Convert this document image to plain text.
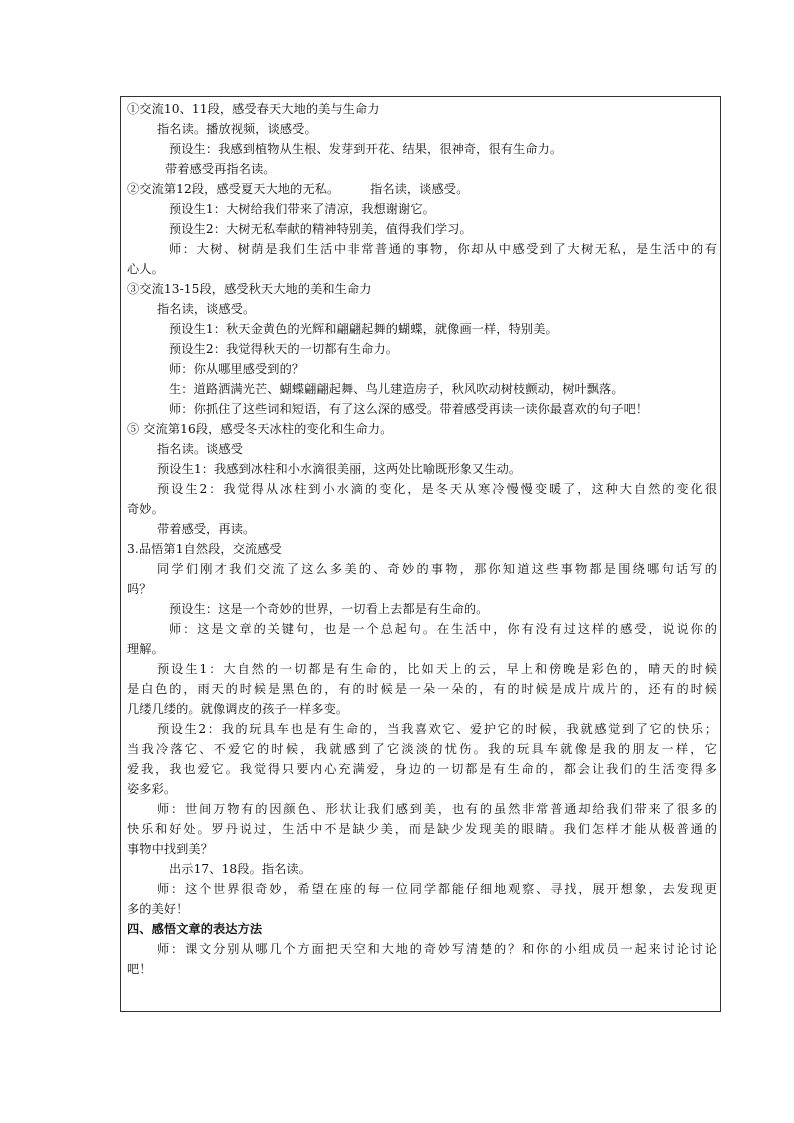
①交流10、11段，感受春天大地的美与生命力
指名读。播放视频，谈感受。
预设生：我感到植物从生根、发芽到开花、结果，很神奇，很有生命力。
带着感受再指名读。
②交流第12段，感受夏天大地的无私。　　　指名读，谈感受。
预设生1：大树给我们带来了清凉，我想谢谢它。
预设生2：大树无私奉献的精神特别美，值得我们学习。
师：大树、树荫是我们生活中非常普通的事物，你却从中感受到了大树无私，是生活中的有
心人。
③交流13-15段，感受秋天大地的美和生命力
指名读，谈感受。
预设生1：秋天金黄色的光辉和翩翩起舞的蝴蝶，就像画一样，特别美。
预设生2：我觉得秋天的一切都有生命力。
师：你从哪里感受到的？
生：道路洒满光芒、蝴蝶翩翩起舞、鸟儿建造房子，秋风吹动树枝颤动，树叶飘落。
师：你抓住了这些词和短语，有了这么深的感受。带着感受再读一读你最喜欢的句子吧！
⑤ 交流第16段，感受冬天冰柱的变化和生命力。
指名读。谈感受
预设生1：我感到冰柱和小水滴很美丽，这两处比喻既形象又生动。
预设生2：我觉得从冰柱到小水滴的变化，是冬天从寒冷慢慢变暖了，这种大自然的变化很
奇妙。
带着感受，再读。
3.品悟第1自然段，交流感受
同学们刚才我们交流了这么多美的、奇妙的事物，那你知道这些事物都是围绕哪句话写的
吗？
预设生：这是一个奇妙的世界，一切看上去都是有生命的。
师：这是文章的关键句，也是一个总起句。在生活中，你有没有过这样的感受，说说你的
理解。
预设生1：大自然的一切都是有生命的，比如天上的云，早上和傍晚是彩色的，晴天的时候
是白色的，雨天的时候是黑色的，有的时候是一朵一朵的，有的时候是成片成片的，还有的时候
几缕几缕的。就像调皮的孩子一样多变。
预设生2：我的玩具车也是有生命的，当我喜欢它、爱护它的时候，我就感觉到了它的快乐；
当我冷落它、不爱它的时候，我就感到了它淡淡的忧伤。我的玩具车就像是我的朋友一样，它
爱我，我也爱它。我觉得只要内心充满爱，身边的一切都是有生命的，都会让我们的生活变得多
姿多彩。
师：世间万物有的因颜色、形状让我们感到美，也有的虽然非常普通却给我们带来了很多的
快乐和好处。罗丹说过，生活中不是缺少美，而是缺少发现美的眼睛。我们怎样才能从极普通的
事物中找到美？
出示17、18段。指名读。
师：这个世界很奇妙，希望在座的每一位同学都能仔细地观察、寻找，展开想象，去发现更
多的美好！
四、感悟文章的表达方法
师：课文分别从哪几个方面把天空和大地的奇妙写清楚的？和你的小组成员一起来讨论讨论
吧！
